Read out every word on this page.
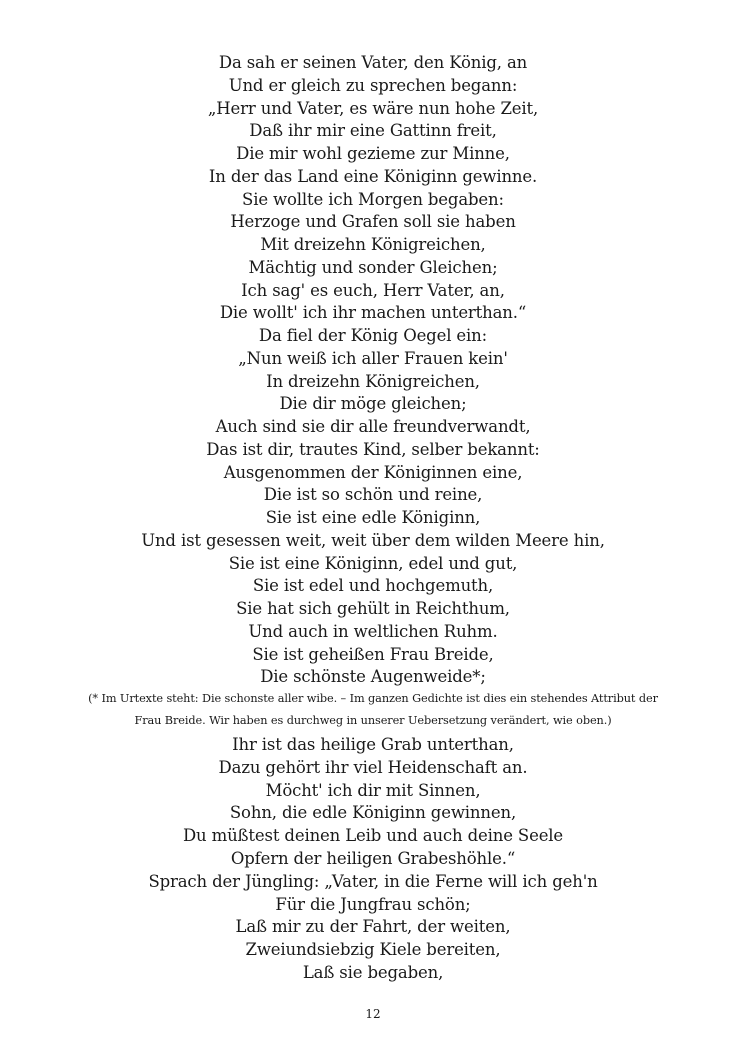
Da sah er seinen Vater, den König, an
Und er gleich zu sprechen begann:
„Herr und Vater, es wäre nun hohe Zeit,
Daß ihr mir eine Gattinn freit,
Die mir wohl gezieme zur Minne,
In der das Land eine Königinn gewinne.
Sie wollte ich Morgen begaben:
Herzoge und Grafen soll sie haben
Mit dreizehn Königreichen,
Mächtig und sonder Gleichen;
Ich sag' es euch, Herr Vater, an,
Die wollt' ich ihr machen unterthan.“
Da fiel der König Oegel ein:
„Nun weiß ich aller Frauen kein'
In dreizehn Königreichen,
Die dir möge gleichen;
Auch sind sie dir alle freundverwandt,
Das ist dir, trautes Kind, selber bekannt:
Ausgenommen der Königinnen eine,
Die ist so schön und reine,
Sie ist eine edle Königinn,
Und ist gesessen weit, weit über dem wilden Meere hin,
Sie ist eine Königinn, edel und gut,
Sie ist edel und hochgemuth,
Sie hat sich gehült in Reichthum,
Und auch in weltlichen Ruhm.
Sie ist geheißen Frau Breide,
Die schönste Augenweide*;
(* Im Urtexte steht: Die schonste aller wibe. – Im ganzen Gedichte ist dies ein stehendes Attribut der
Frau Breide. Wir haben es durchweg in unserer Uebersetzung verändert, wie oben.)
Ihr ist das heilige Grab unterthan,
Dazu gehört ihr viel Heidenschaft an.
Möcht' ich dir mit Sinnen,
Sohn, die edle Königinn gewinnen,
Du müßtest deinen Leib und auch deine Seele
Opfern der heiligen Grabeshöhle.“
Sprach der Jüngling: „Vater, in die Ferne will ich geh'n
Für die Jungfrau schön;
Laß mir zu der Fahrt, der weiten,
Zweiundsiebzig Kiele bereiten,
Laß sie begaben,
12
